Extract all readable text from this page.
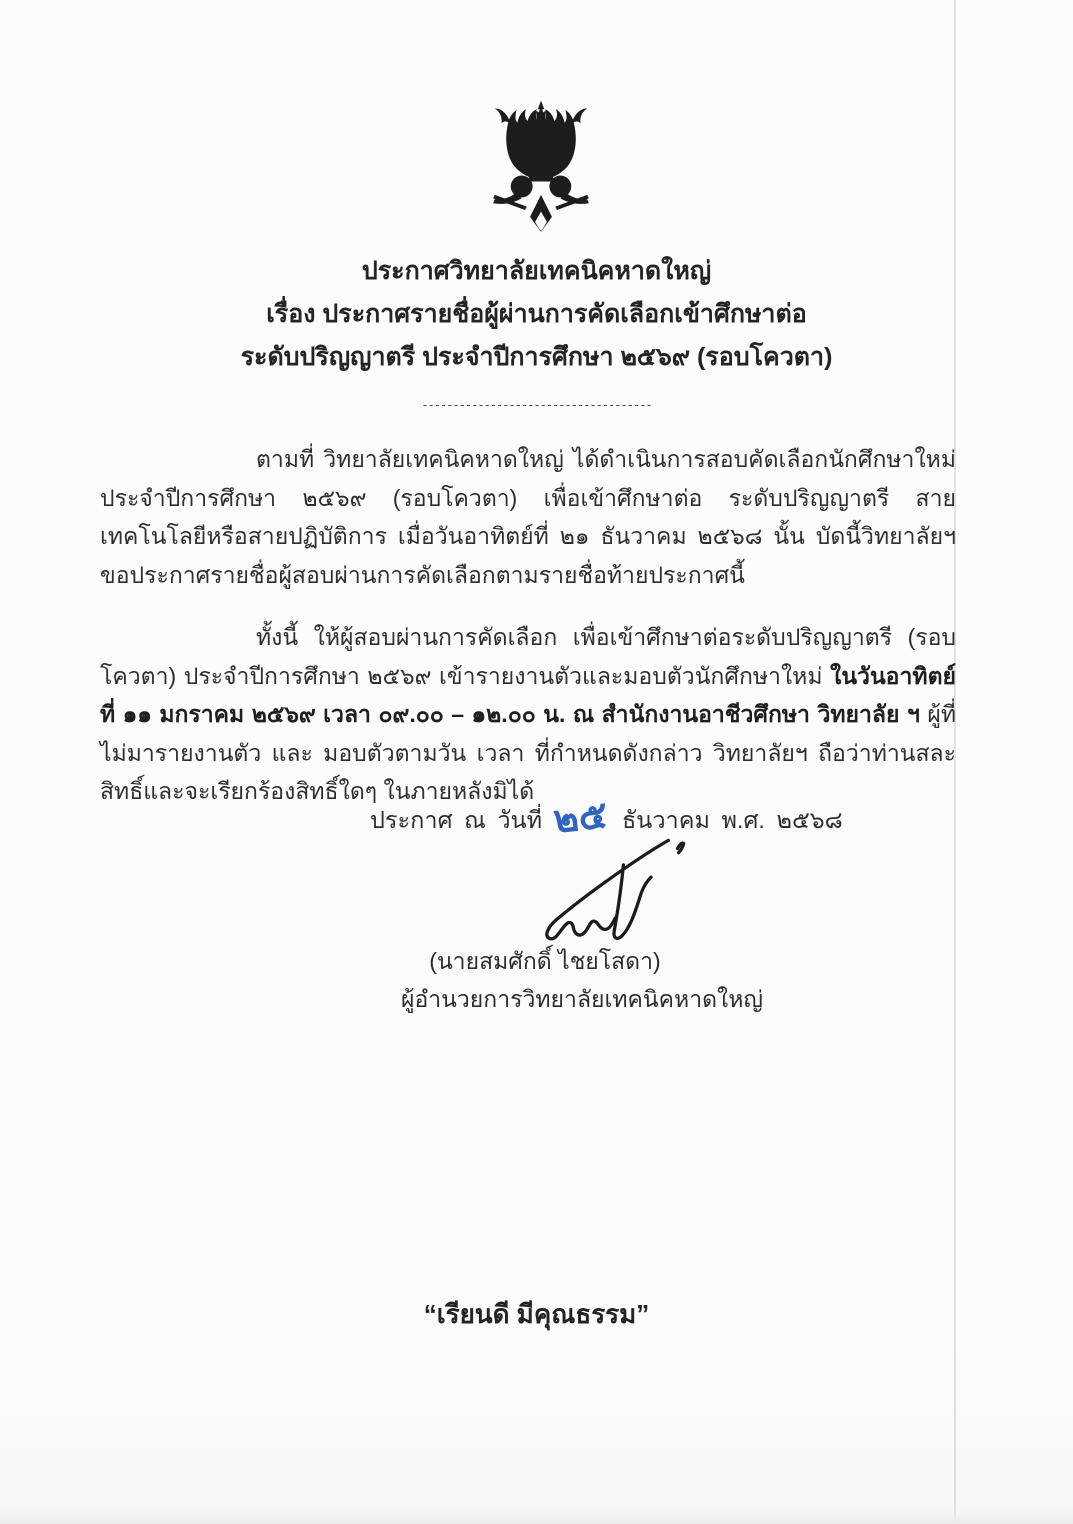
ประกาศวิทยาลัยเทคนิคหาดใหญ่
เรื่อง ประกาศรายชื่อผู้ผ่านการคัดเลือกเข้าศึกษาต่อ
ระดับปริญญาตรี ประจำปีการศึกษา ๒๕๖๙ (รอบโควตา)
-------------------------------------

ตามที่ วิทยาลัยเทคนิคหาดใหญ่ ได้ดำเนินการสอบคัดเลือกนักศึกษาใหม่ ประจำปีการศึกษา ๒๕๖๙ (รอบโควตา) เพื่อเข้าศึกษาต่อ ระดับปริญญาตรี สายเทคโนโลยีหรือสายปฏิบัติการ เมื่อวันอาทิตย์ที่ ๒๑ ธันวาคม ๒๕๖๘ นั้น บัดนี้วิทยาลัยฯ ขอประกาศรายชื่อผู้สอบผ่านการคัดเลือกตามรายชื่อท้ายประกาศนี้

ทั้งนี้ ให้ผู้สอบผ่านการคัดเลือก เพื่อเข้าศึกษาต่อระดับปริญญาตรี (รอบโควตา) ประจำปีการศึกษา ๒๕๖๙ เข้ารายงานตัวและมอบตัวนักศึกษาใหม่ ในวันอาทิตย์ที่ ๑๑ มกราคม ๒๕๖๙ เวลา ๐๙.๐๐ – ๑๒.๐๐ น. ณ สำนักงานอาชีวศึกษา วิทยาลัย ฯ ผู้ที่ไม่มารายงานตัว และ มอบตัวตามวัน เวลา ที่กำหนดดังกล่าว วิทยาลัยฯ ถือว่าท่านสละสิทธิ์และจะเรียกร้องสิทธิ์ใดๆ ในภายหลังมิได้

ประกาศ ณ วันที่ ๒๕ ธันวาคม พ.ศ. ๒๕๖๘
(นายสมศักดิ์ ไชยโสดา)
ผู้อำนวยการวิทยาลัยเทคนิคหาดใหญ่
“เรียนดี มีคุณธรรม”
